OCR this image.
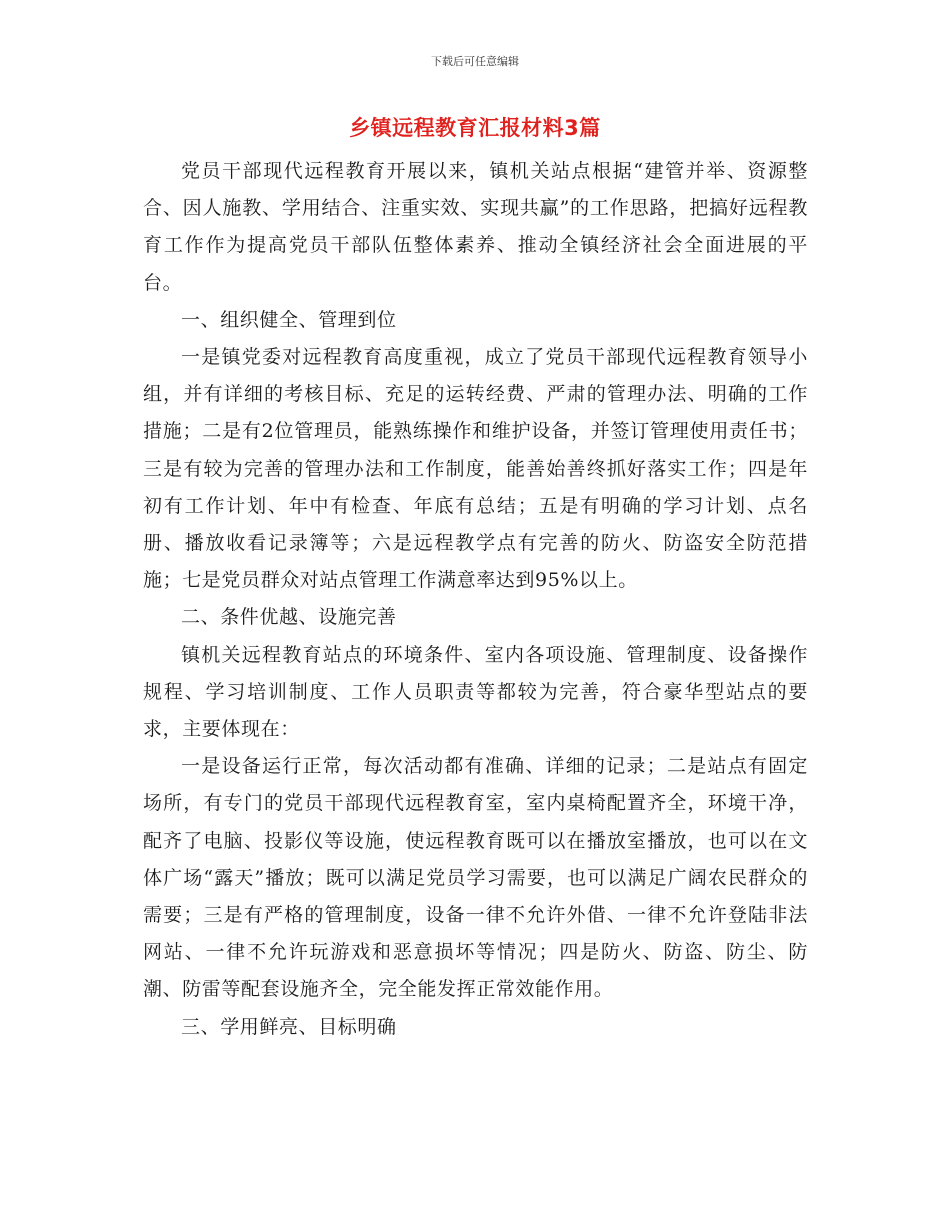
下载后可任意编辑
乡镇远程教育汇报材料3篇

党员干部现代远程教育开展以来，镇机关站点根据“建管并举、资源整合、因人施教、学用结合、注重实效、实现共赢”的工作思路，把搞好远程教育工作作为提高党员干部队伍整体素养、推动全镇经济社会全面进展的平台。

一、组织健全、管理到位

一是镇党委对远程教育高度重视，成立了党员干部现代远程教育领导小组，并有详细的考核目标、充足的运转经费、严肃的管理办法、明确的工作措施；二是有2位管理员，能熟练操作和维护设备，并签订管理使用责任书；三是有较为完善的管理办法和工作制度，能善始善终抓好落实工作；四是年初有工作计划、年中有检查、年底有总结；五是有明确的学习计划、点名册、播放收看记录簿等；六是远程教学点有完善的防火、防盗安全防范措施；七是党员群众对站点管理工作满意率达到95%以上。

二、条件优越、设施完善

镇机关远程教育站点的环境条件、室内各项设施、管理制度、设备操作规程、学习培训制度、工作人员职责等都较为完善，符合豪华型站点的要求，主要体现在：

一是设备运行正常，每次活动都有准确、详细的记录；二是站点有固定场所，有专门的党员干部现代远程教育室，室内桌椅配置齐全，环境干净，配齐了电脑、投影仪等设施，使远程教育既可以在播放室播放，也可以在文体广场“露天”播放；既可以满足党员学习需要，也可以满足广阔农民群众的需要；三是有严格的管理制度，设备一律不允许外借、一律不允许登陆非法网站、一律不允许玩游戏和恶意损坏等情况；四是防火、防盗、防尘、防潮、防雷等配套设施齐全，完全能发挥正常效能作用。

三、学用鲜亮、目标明确
